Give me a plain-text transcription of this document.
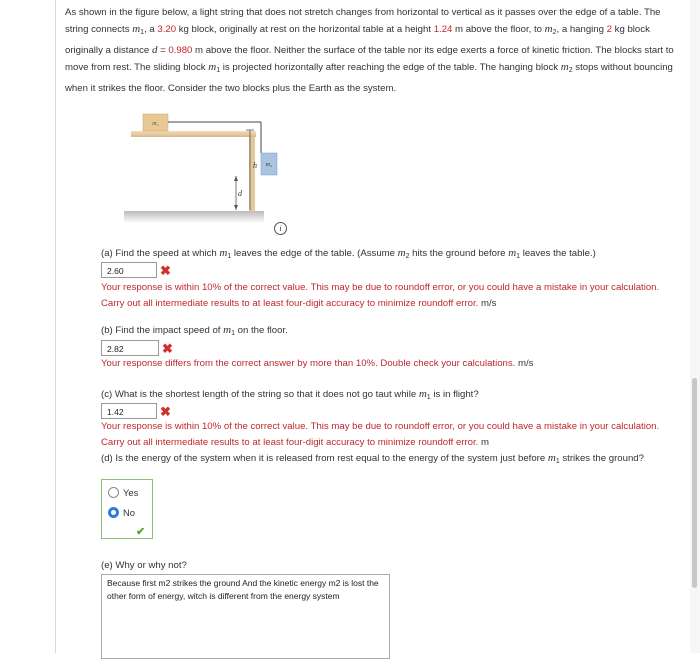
As shown in the figure below, a light string that does not stretch changes from horizontal to vertical as it passes over the edge of a table. The string connects $m_1$, a 3.20 kg block, originally at rest on the horizontal table at a height 1.24 m above the floor, to $m_2$, a hanging 2 kg block originally a distance d = 0.980 m above the floor. Neither the surface of the table nor its edge exerts a force of kinetic friction. The blocks start to move from rest. The sliding block $m_1$ is projected horizontally after reaching the edge of the table. The hanging block $m_2$ stops without bouncing when it strikes the floor. Consider the two blocks plus the Earth as the system.
m₁
m₂
h
d
i
(a) Find the speed at which $m_1$ leaves the edge of the table. (Assume $m_2$ hits the ground before $m_1$ leaves the table.)
2.60	✖
Your response is within 10% of the correct value. This may be due to roundoff error, or you could have a mistake in your calculation. Carry out all intermediate results to at least four-digit accuracy to minimize roundoff error. m/s
(b) Find the impact speed of $m_1$ on the floor.
2.82	✖
Your response differs from the correct answer by more than 10%. Double check your calculations. m/s
(c) What is the shortest length of the string so that it does not go taut while $m_1$ is in flight?
1.42	✖
Your response is within 10% of the correct value. This may be due to roundoff error, or you could have a mistake in your calculation. Carry out all intermediate results to at least four-digit accuracy to minimize roundoff error. m
(d) Is the energy of the system when it is released from rest equal to the energy of the system just before $m_1$ strikes the ground?
Yes
No
✔
(e) Why or why not?
Because first m2 strikes the ground And the kinetic energy m2 is lost the other form of energy, witch is different from the energy system
